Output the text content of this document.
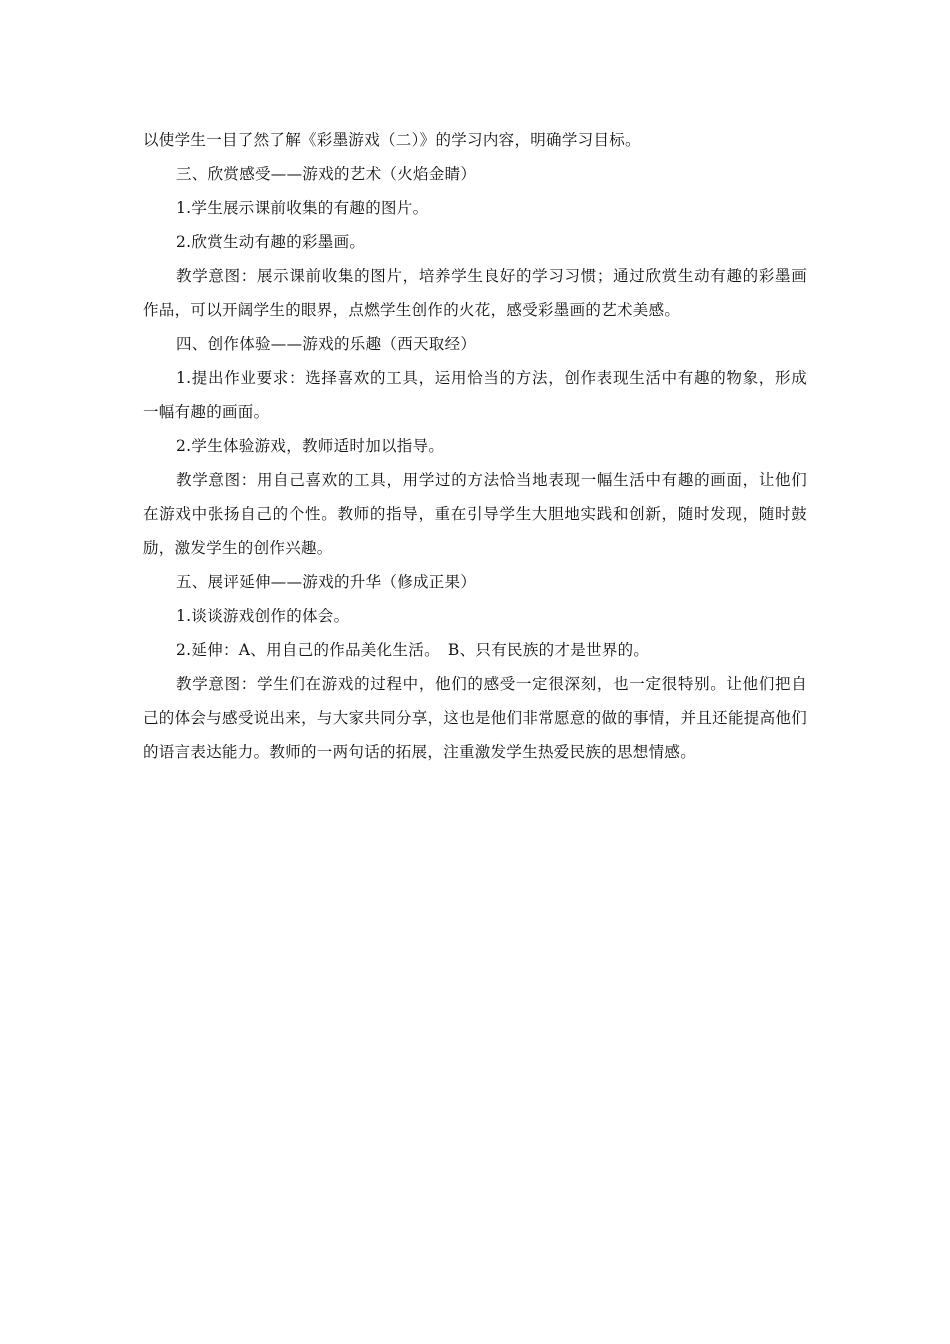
以使学生一目了然了解《彩墨游戏（二）》的学习内容，明确学习目标。

三、欣赏感受——游戏的艺术（火焰金睛）

1.学生展示课前收集的有趣的图片。

2.欣赏生动有趣的彩墨画。

教学意图：展示课前收集的图片，培养学生良好的学习习惯；通过欣赏生动有趣的彩墨画作品，可以开阔学生的眼界，点燃学生创作的火花，感受彩墨画的艺术美感。

四、创作体验——游戏的乐趣（西天取经）

1.提出作业要求：选择喜欢的工具，运用恰当的方法，创作表现生活中有趣的物象，形成一幅有趣的画面。

2.学生体验游戏，教师适时加以指导。

教学意图：用自己喜欢的工具，用学过的方法恰当地表现一幅生活中有趣的画面，让他们在游戏中张扬自己的个性。教师的指导，重在引导学生大胆地实践和创新，随时发现，随时鼓励，激发学生的创作兴趣。

五、展评延伸——游戏的升华（修成正果）

1.谈谈游戏创作的体会。

2.延伸：A、用自己的作品美化生活。　B、只有民族的才是世界的。

教学意图：学生们在游戏的过程中，他们的感受一定很深刻，也一定很特别。让他们把自己的体会与感受说出来，与大家共同分享，这也是他们非常愿意的做的事情，并且还能提高他们的语言表达能力。教师的一两句话的拓展，注重激发学生热爱民族的思想情感。
